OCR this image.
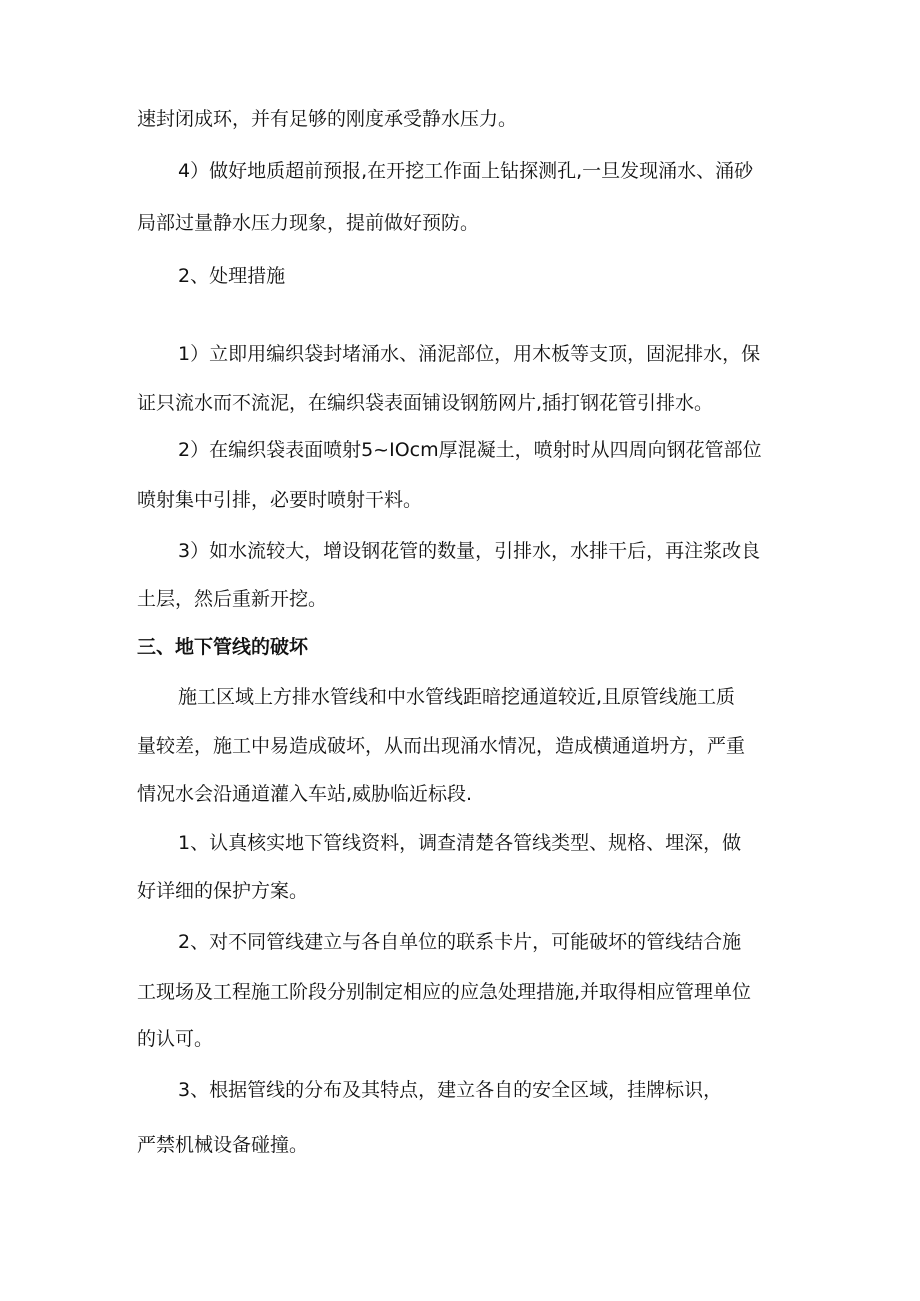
速封闭成环，并有足够的刚度承受静水压力。
4）做好地质超前预报,在开挖工作面上钻探测孔,一旦发现涌水、涌砂
局部过量静水压力现象，提前做好预防。
2、处理措施
1）立即用编织袋封堵涌水、涌泥部位，用木板等支顶，固泥排水，保
证只流水而不流泥，在编织袋表面铺设钢筋网片,插打钢花管引排水。
2）在编织袋表面喷射5~IOcm厚混凝土，喷射时从四周向钢花管部位
喷射集中引排，必要时喷射干料。
3）如水流较大，增设钢花管的数量，引排水，水排干后，再注浆改良
土层，然后重新开挖。
三、地下管线的破坏
施工区域上方排水管线和中水管线距暗挖通道较近,且原管线施工质
量较差，施工中易造成破坏，从而出现涌水情况，造成横通道坍方，严重
情况水会沿通道灌入车站,威胁临近标段.
1、认真核实地下管线资料，调查清楚各管线类型、规格、埋深，做
好详细的保护方案。
2、对不同管线建立与各自单位的联系卡片，可能破坏的管线结合施
工现场及工程施工阶段分别制定相应的应急处理措施,并取得相应管理单位
的认可。
3、根据管线的分布及其特点，建立各自的安全区域，挂牌标识，
严禁机械设备碰撞。
